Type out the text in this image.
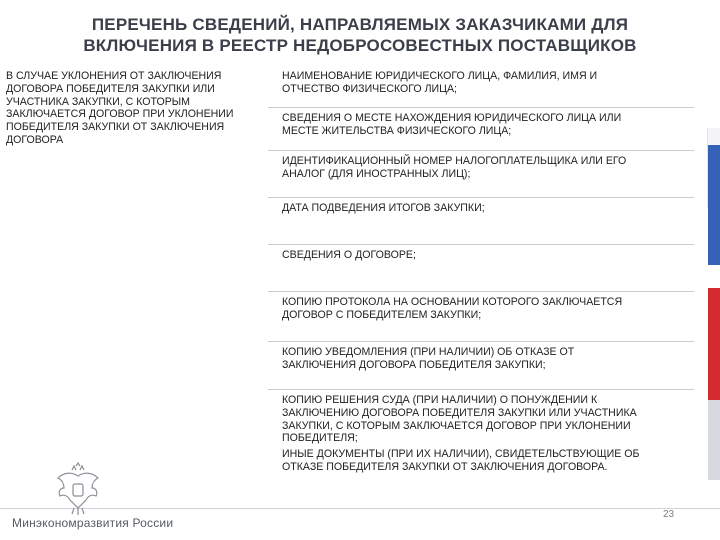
ПЕРЕЧЕНЬ СВЕДЕНИЙ, НАПРАВЛЯЕМЫХ ЗАКАЗЧИКАМИ ДЛЯ
ВКЛЮЧЕНИЯ В РЕЕСТР НЕДОБРОСОВЕСТНЫХ ПОСТАВЩИКОВ
В СЛУЧАЕ УКЛОНЕНИЯ ОТ ЗАКЛЮЧЕНИЯ
ДОГОВОРА ПОБЕДИТЕЛЯ ЗАКУПКИ ИЛИ
УЧАСТНИКА ЗАКУПКИ, С КОТОРЫМ
ЗАКЛЮЧАЕТСЯ ДОГОВОР ПРИ УКЛОНЕНИИ
ПОБЕДИТЕЛЯ ЗАКУПКИ ОТ ЗАКЛЮЧЕНИЯ
ДОГОВОРА
НАИМЕНОВАНИЕ ЮРИДИЧЕСКОГО ЛИЦА, ФАМИЛИЯ, ИМЯ И
ОТЧЕСТВО ФИЗИЧЕСКОГО ЛИЦА;
СВЕДЕНИЯ О МЕСТЕ НАХОЖДЕНИЯ ЮРИДИЧЕСКОГО ЛИЦА ИЛИ
МЕСТЕ ЖИТЕЛЬСТВА ФИЗИЧЕСКОГО ЛИЦА;
ИДЕНТИФИКАЦИОННЫЙ НОМЕР НАЛОГОПЛАТЕЛЬЩИКА ИЛИ ЕГО
АНАЛОГ (ДЛЯ ИНОСТРАННЫХ ЛИЦ);
ДАТА ПОДВЕДЕНИЯ ИТОГОВ ЗАКУПКИ;
СВЕДЕНИЯ О ДОГОВОРЕ;
КОПИЮ ПРОТОКОЛА НА ОСНОВАНИИ КОТОРОГО ЗАКЛЮЧАЕТСЯ
ДОГОВОР С ПОБЕДИТЕЛЕМ ЗАКУПКИ;
КОПИЮ УВЕДОМЛЕНИЯ (ПРИ НАЛИЧИИ) ОБ ОТКАЗЕ ОТ
ЗАКЛЮЧЕНИЯ ДОГОВОРА ПОБЕДИТЕЛЯ ЗАКУПКИ;
КОПИЮ РЕШЕНИЯ СУДА (ПРИ НАЛИЧИИ) О ПОНУЖДЕНИИ К
ЗАКЛЮЧЕНИЮ ДОГОВОРА ПОБЕДИТЕЛЯ ЗАКУПКИ ИЛИ УЧАСТНИКА
ЗАКУПКИ, С КОТОРЫМ ЗАКЛЮЧАЕТСЯ ДОГОВОР ПРИ УКЛОНЕНИИ
ПОБЕДИТЕЛЯ;
ИНЫЕ ДОКУМЕНТЫ (ПРИ ИХ НАЛИЧИИ), СВИДЕТЕЛЬСТВУЮЩИЕ ОБ
ОТКАЗЕ ПОБЕДИТЕЛЯ ЗАКУПКИ ОТ ЗАКЛЮЧЕНИЯ ДОГОВОРА.
Минэкономразвития России
23
